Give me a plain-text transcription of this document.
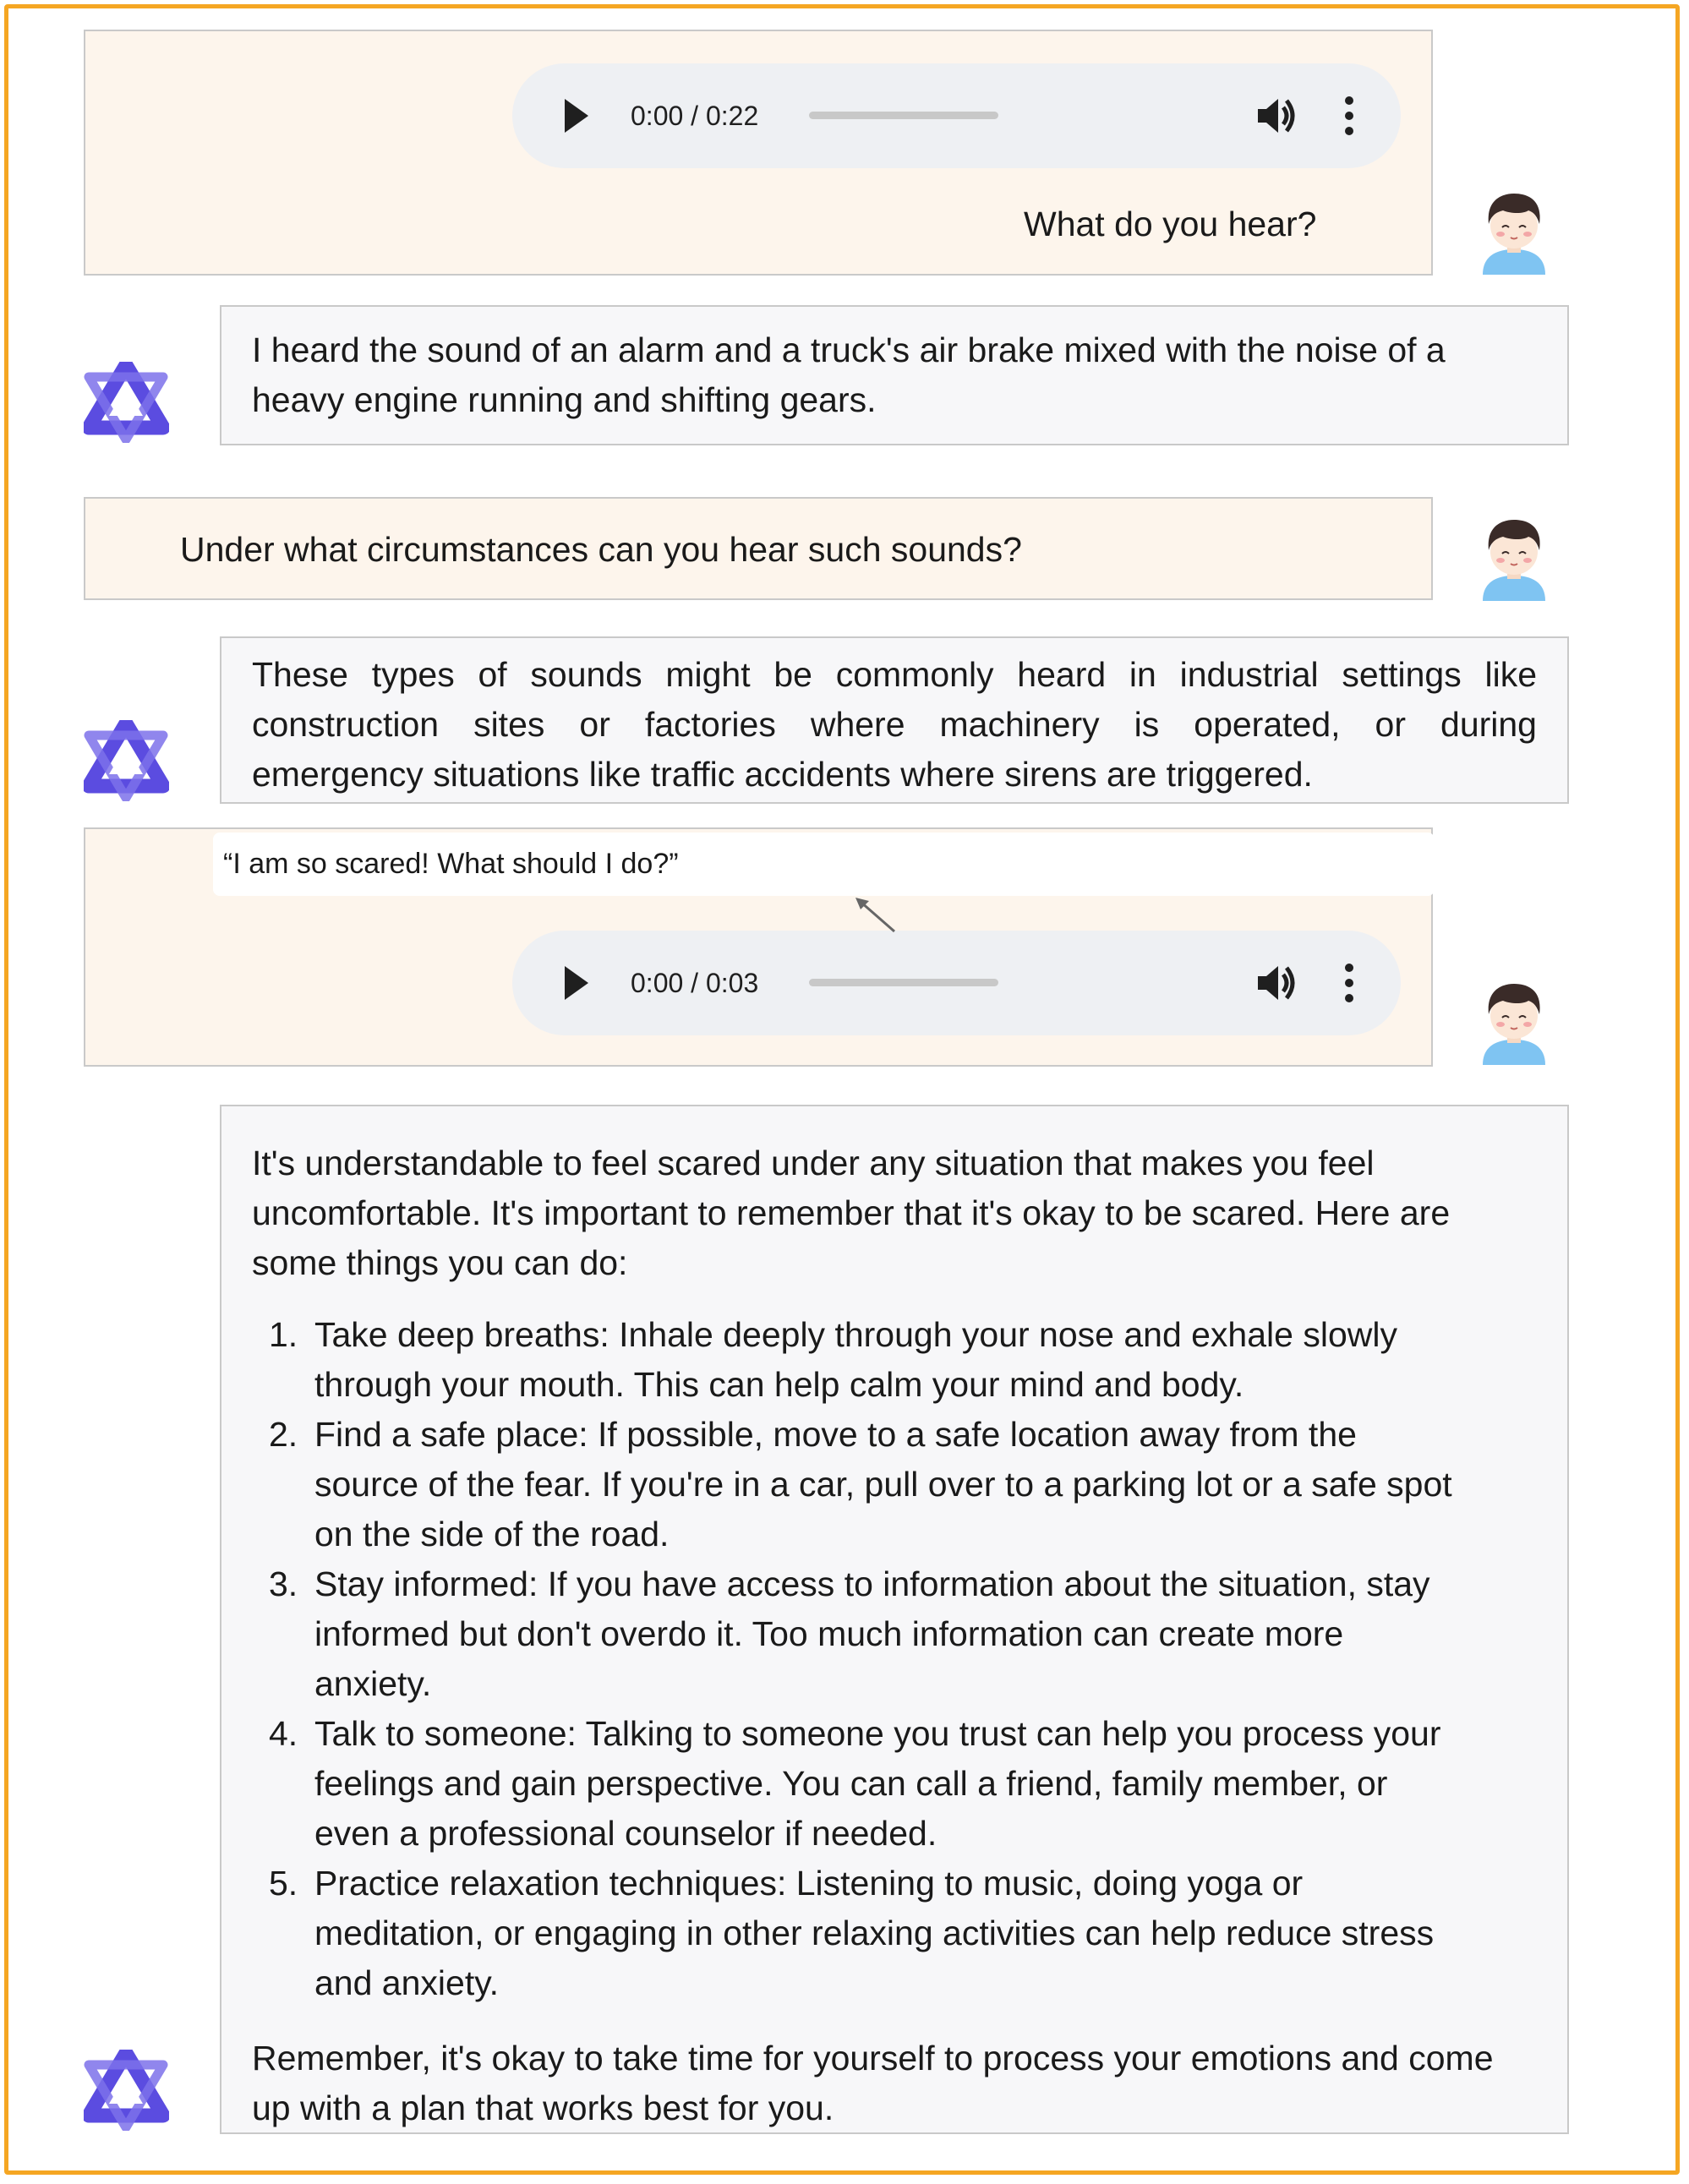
0:00 / 0:22
What do you hear?

I heard the sound of an alarm and a truck's air brake mixed with the noise of a heavy engine running and shifting gears.

Under what circumstances can you hear such sounds?

These types of sounds might be commonly heard in industrial settings like

construction sites or factories where machinery is operated, or during

emergency situations like traffic accidents where sirens are triggered.

0:00 / 0:03
“I am so scared! What should I do?”

It's understandable to feel scared under any situation that makes you feel uncomfortable. It's important to remember that it's okay to be scared. Here are some things you can do:

1. Take deep breaths: Inhale deeply through your nose and exhale slowly through your mouth. This can help calm your mind and body.
2. Find a safe place: If possible, move to a safe location away from the source of the fear. If you're in a car, pull over to a parking lot or a safe spot on the side of the road.
3. Stay informed: If you have access to information about the situation, stay informed but don't overdo it. Too much information can create more anxiety.
4. Talk to someone: Talking to someone you trust can help you process your feelings and gain perspective. You can call a friend, family member, or even a professional counselor if needed.
5. Practice relaxation techniques: Listening to music, doing yoga or meditation, or engaging in other relaxing activities can help reduce stress and anxiety.

Remember, it's okay to take time for yourself to process your emotions and come up with a plan that works best for you.
